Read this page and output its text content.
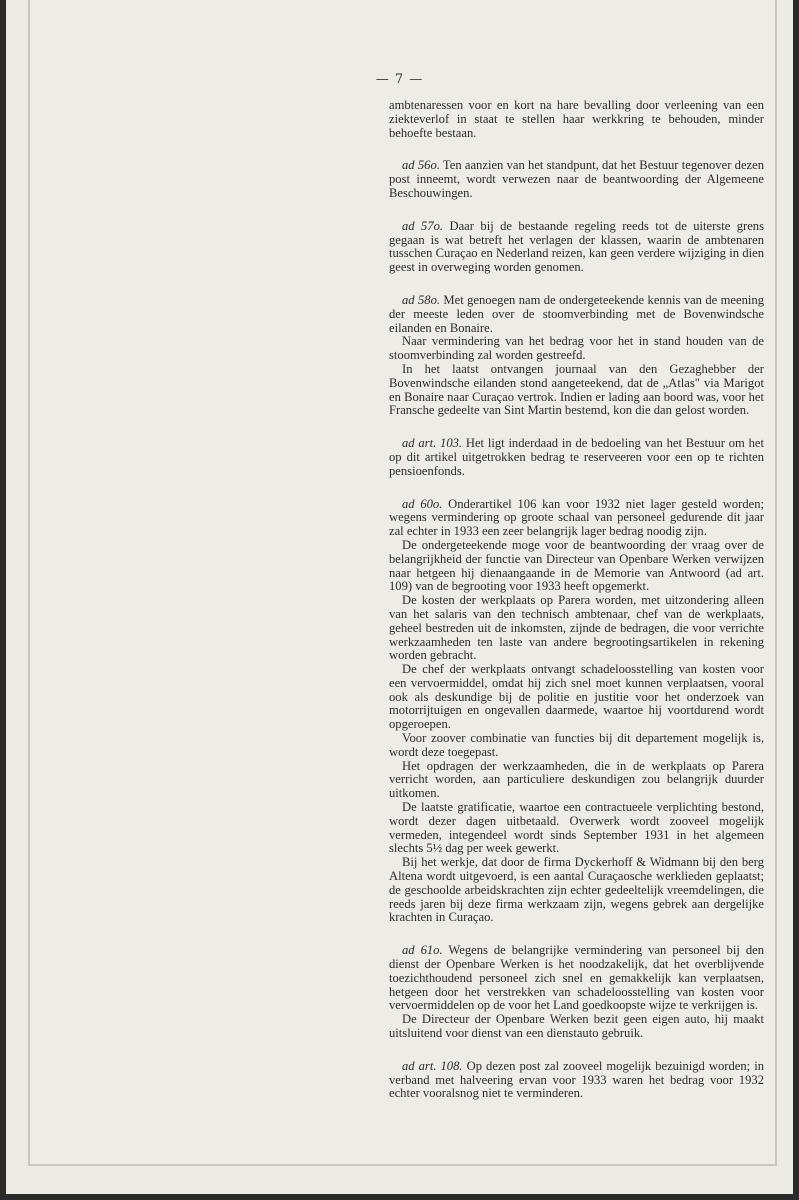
— 7 —

ambtenaressen voor en kort na hare bevalling door verleening van een ziekteverlof in staat te stellen haar werkkring te behouden, minder behoefte bestaan.

ad 56o. Ten aanzien van het standpunt, dat het Bestuur tegenover dezen post inneemt, wordt verwezen naar de beantwoording der Algemeene Beschouwingen.

ad 57o. Daar bij de bestaande regeling reeds tot de uiterste grens gegaan is wat betreft het verlagen der klassen, waarin de ambtenaren tusschen Curaçao en Nederland reizen, kan geen verdere wijziging in dien geest in overweging worden genomen.

ad 58o. Met genoegen nam de ondergeteekende kennis van de meening der meeste leden over de stoomverbinding met de Bovenwindsche eilanden en Bonaire.

Naar vermindering van het bedrag voor het in stand houden van de stoomverbinding zal worden gestreefd.

In het laatst ontvangen journaal van den Gezaghebber der Bovenwindsche eilanden stond aangeteekend, dat de „Atlas" via Marigot en Bonaire naar Curaçao vertrok. Indien er lading aan boord was, voor het Fransche gedeelte van Sint Martin bestemd, kon die dan gelost worden.

ad art. 103. Het ligt inderdaad in de bedoeling van het Bestuur om het op dit artikel uitgetrokken bedrag te reserveeren voor een op te richten pensioenfonds.

ad 60o. Onderartikel 106 kan voor 1932 niet lager gesteld worden; wegens vermindering op groote schaal van personeel gedurende dit jaar zal echter in 1933 een zeer belangrijk lager bedrag noodig zijn.

De ondergeteekende moge voor de beantwoording der vraag over de belangrijkheid der functie van Directeur van Openbare Werken verwijzen naar hetgeen hij dienaangaande in de Memorie van Antwoord (ad art. 109) van de begrooting voor 1933 heeft opgemerkt.

De kosten der werkplaats op Parera worden, met uitzondering alleen van het salaris van den technisch ambtenaar, chef van de werkplaats, geheel bestreden uit de inkomsten, zijnde de bedragen, die voor verrichte werkzaamheden ten laste van andere begrootingsartikelen in rekening worden gebracht.

De chef der werkplaats ontvangt schadeloosstelling van kosten voor een vervoermiddel, omdat hij zich snel moet kunnen verplaatsen, vooral ook als deskundige bij de politie en justitie voor het onderzoek van motorrijtuigen en ongevallen daarmede, waartoe hij voortdurend wordt opgeroepen.

Voor zoover combinatie van functies bij dit departement mogelijk is, wordt deze toegepast.

Het opdragen der werkzaamheden, die in de werkplaats op Parera verricht worden, aan particuliere deskundigen zou belangrijk duurder uitkomen.

De laatste gratificatie, waartoe een contractueele verplichting bestond, wordt dezer dagen uitbetaald. Overwerk wordt zooveel mogelijk vermeden, integendeel wordt sinds September 1931 in het algemeen slechts 5½ dag per week gewerkt.

Bij het werkje, dat door de firma Dyckerhoff & Widmann bij den berg Altena wordt uitgevoerd, is een aantal Curaçaosche werklieden geplaatst; de geschoolde arbeidskrachten zijn echter gedeeltelijk vreemdelingen, die reeds jaren bij deze firma werkzaam zijn, wegens gebrek aan dergelijke krachten in Curaçao.

ad 61o. Wegens de belangrijke vermindering van personeel bij den dienst der Openbare Werken is het noodzakelijk, dat het overblijvende toezichthoudend personeel zich snel en gemakkelijk kan verplaatsen, hetgeen door het verstrekken van schadeloosstelling van kosten voor vervoermiddelen op de voor het Land goedkoopste wijze te verkrijgen is.

De Directeur der Openbare Werken bezit geen eigen auto, hij maakt uitsluitend voor dienst van een dienstauto gebruik.

ad art. 108. Op dezen post zal zooveel mogelijk bezuinigd worden; in verband met halveering ervan voor 1933 waren het bedrag voor 1932 echter vooralsnog niet te verminderen.
